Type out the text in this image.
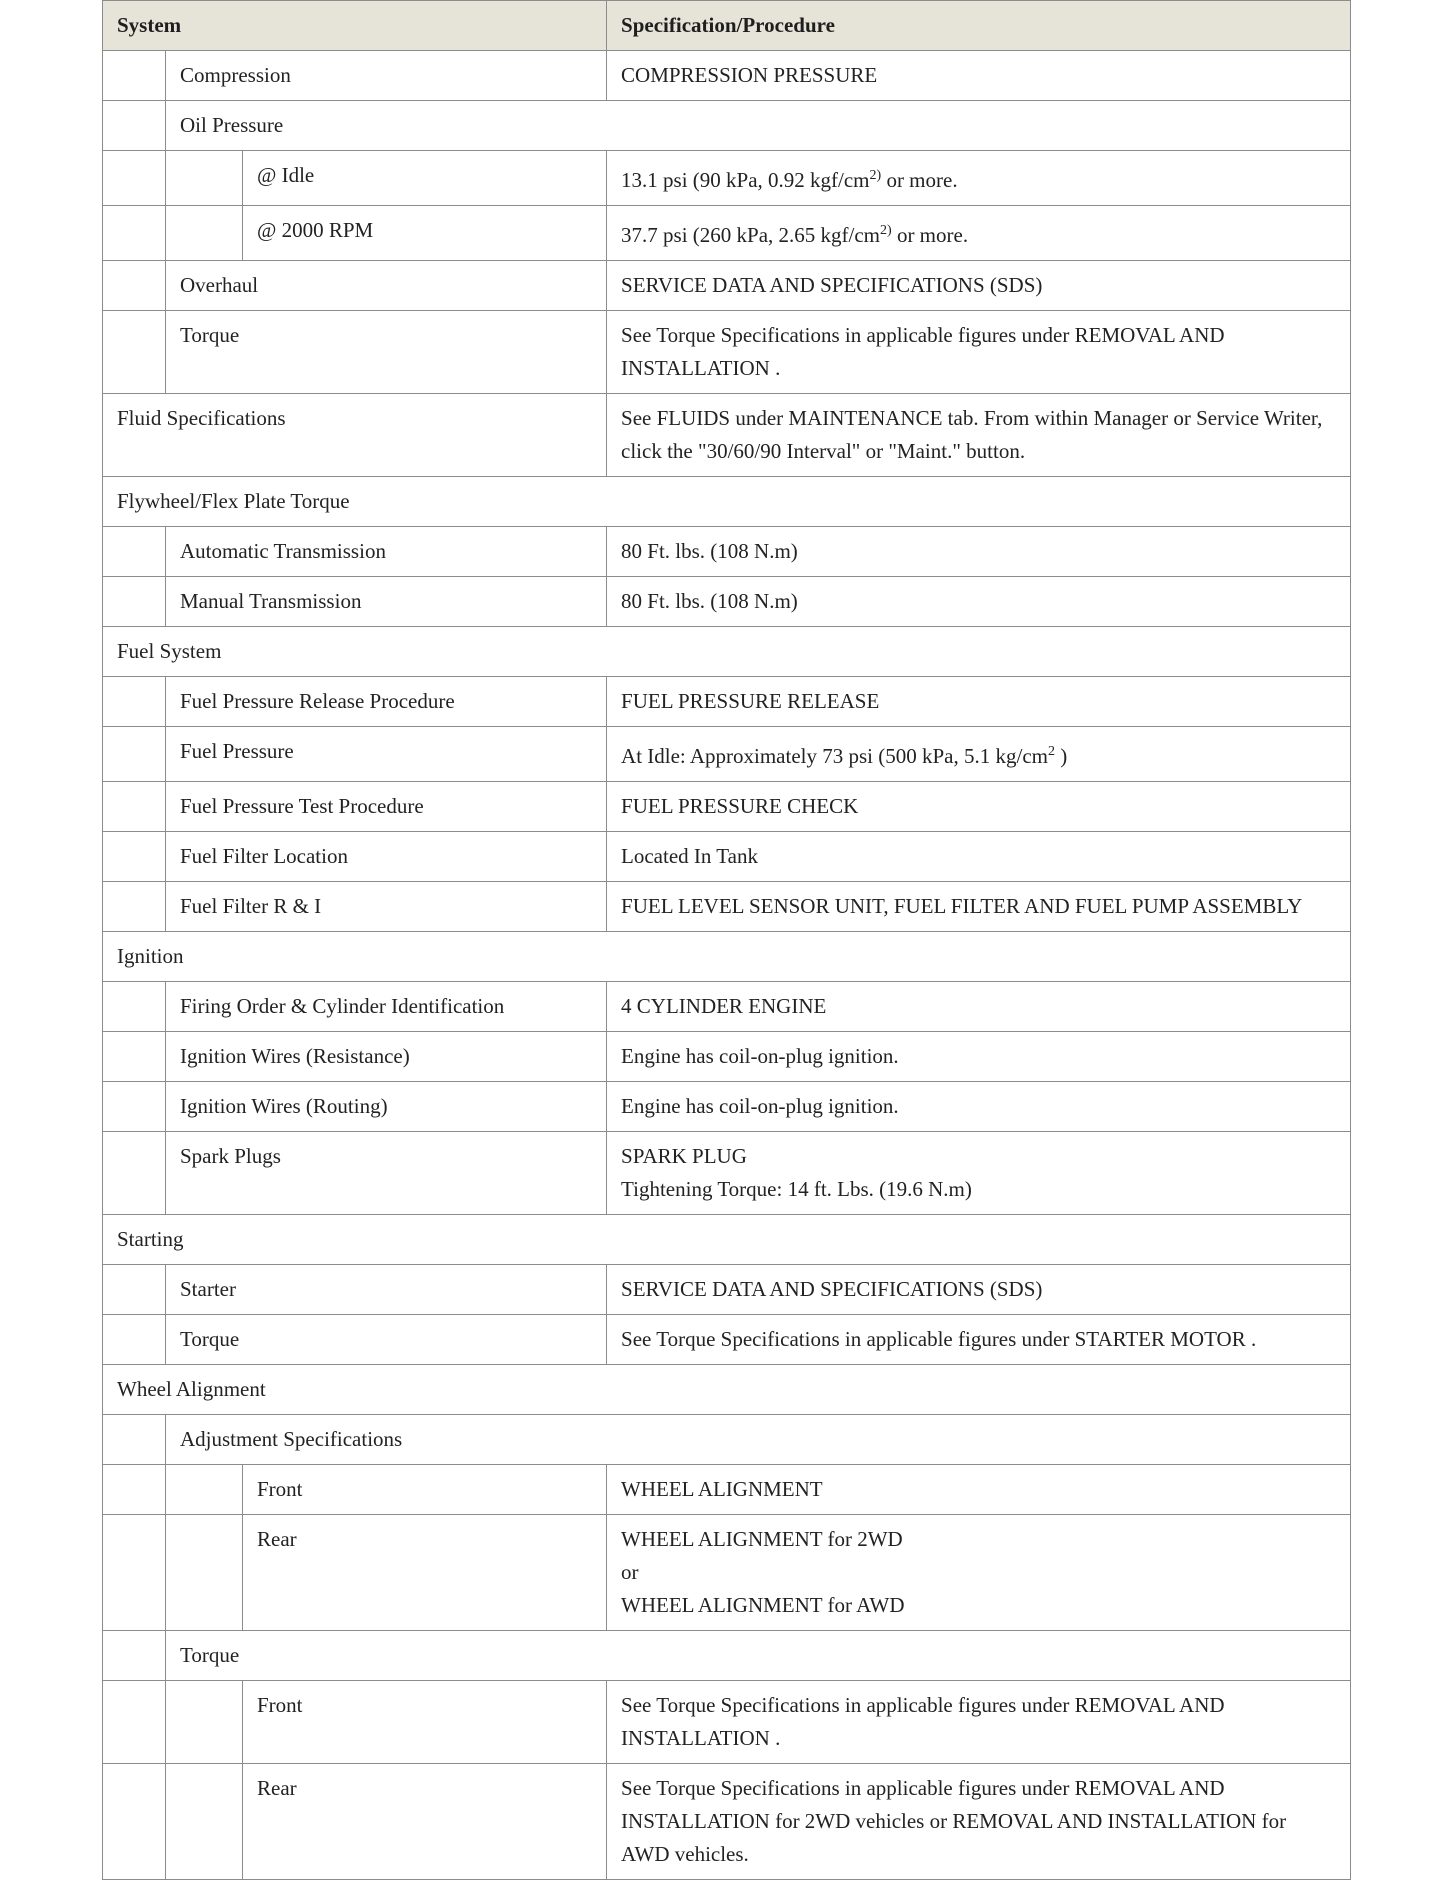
System			Specification/Procedure
	Compression		COMPRESSION PRESSURE
	Oil Pressure		
		@ Idle	13.1 psi (90 kPa, 0.92 kgf/$cm^{2)}$ or more.
		@ 2000 RPM	37.7 psi (260 kPa, 2.65 kgf/$cm^{2)}$ or more.
	Overhaul		SERVICE DATA AND SPECIFICATIONS (SDS)
	Torque		See Torque Specifications in applicable figures under REMOVAL AND INSTALLATION .
Fluid Specifications			See FLUIDS under MAINTENANCE tab. From within Manager or Service Writer, click the "30/60/90 Interval" or "Maint." button.
Flywheel/Flex Plate Torque			
	Automatic Transmission		80 Ft. lbs. (108 N.m)
	Manual Transmission		80 Ft. lbs. (108 N.m)
Fuel System			
	Fuel Pressure Release Procedure		FUEL PRESSURE RELEASE
	Fuel Pressure		At Idle: Approximately 73 psi (500 kPa, 5.1 $kg/cm^2$ )
	Fuel Pressure Test Procedure		FUEL PRESSURE CHECK
	Fuel Filter Location		Located In Tank
	Fuel Filter R & I		FUEL LEVEL SENSOR UNIT, FUEL FILTER AND FUEL PUMP ASSEMBLY
Ignition			
	Firing Order & Cylinder Identification		4 CYLINDER ENGINE
	Ignition Wires (Resistance)		Engine has coil-on-plug ignition.
	Ignition Wires (Routing)		Engine has coil-on-plug ignition.
	Spark Plugs		SPARK PLUG
Tightening Torque: 14 ft. Lbs. (19.6 N.m)

Starting			
	Starter		SERVICE DATA AND SPECIFICATIONS (SDS)
	Torque		See Torque Specifications in applicable figures under STARTER MOTOR .
Wheel Alignment			
	Adjustment Specifications		
		Front	WHEEL ALIGNMENT
		Rear	WHEEL ALIGNMENT for 2WD
or
WHEEL ALIGNMENT for AWD

	Torque		
		Front	See Torque Specifications in applicable figures under REMOVAL AND INSTALLATION .
		Rear	See Torque Specifications in applicable figures under REMOVAL AND INSTALLATION for 2WD vehicles or REMOVAL AND INSTALLATION for AWD vehicles.
